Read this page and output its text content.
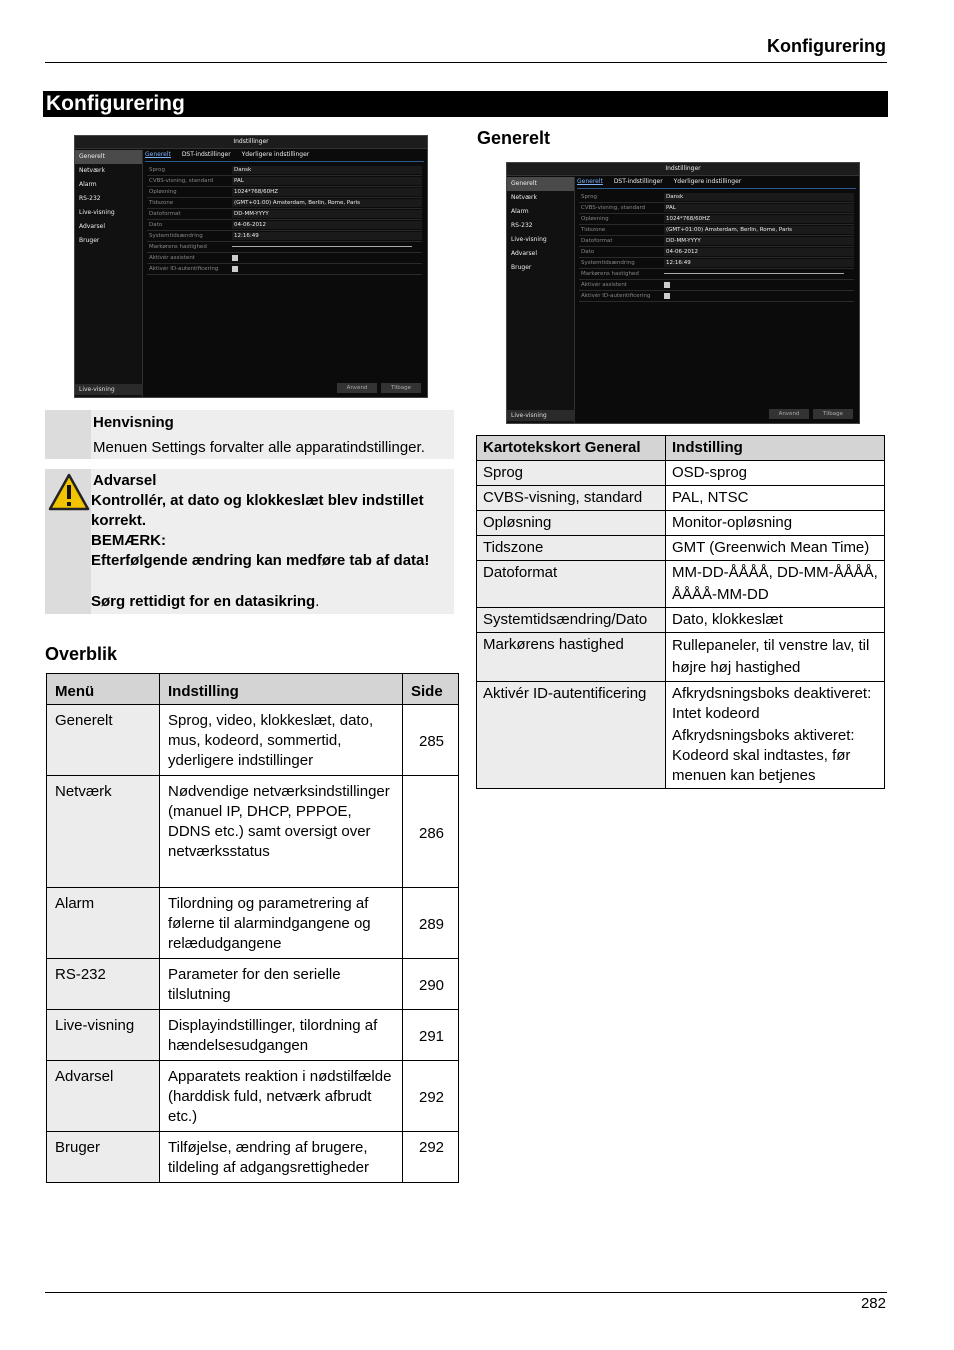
Konfigurering
Konfigurering
Indstillinger
Generelt
Netværk
Alarm
RS-232
Live-visning
Advarsel
Bruger
Live-visning
Generelt DST-indstillinger Yderligere indstillinger
Sprog	Dansk
CVBS-visning, standard	PAL
Opløsning	1024*768/60HZ
Tidszone	(GMT+01:00) Amsterdam, Berlin, Rome, Paris
Datoformat	DD-MM-YYYY
Dato	04-06-2012
Systemtidsændring	12:16:49
Markørens hastighed
Aktivér assistent
Aktivér ID-autentificering
Anvend	Tilbage
Henvisning
Menuen Settings forvalter alle apparatindstillinger.
Advarsel
Kontrollér, at dato og klokkeslæt blev indstillet korrekt.
BEMÆRK:
Efterfølgende ændring kan medføre tab af data!
Sørg rettidigt for en datasikring.
Overblik
Menü	Indstilling	Side
Generelt	Sprog, video, klokkeslæt, dato, mus, kodeord, sommertid, yderligere indstillinger	285
Netværk	Nødvendige netværksindstillinger (manuel IP, DHCP, PPPOE, DDNS etc.) samt oversigt over netværksstatus	286
Alarm	Tilordning og parametrering af følerne til alarmindgangene og relædudgangene	289
RS-232	Parameter for den serielle tilslutning	290
Live-visning	Displayindstillinger, tilordning af hændelsesudgangen	291
Advarsel	Apparatets reaktion i nødstilfælde (harddisk fuld, netværk afbrudt etc.)	292
Bruger	Tilføjelse, ændring af brugere, tildeling af adgangsrettigheder	292
Generelt
Indstillinger
Generelt
Netværk
Alarm
RS-232
Live-visning
Advarsel
Bruger
Live-visning
Generelt DST-indstillinger Yderligere indstillinger
Sprog	Dansk
CVBS-visning, standard	PAL
Opløsning	1024*768/60HZ
Tidszone	(GMT+01:00) Amsterdam, Berlin, Rome, Paris
Datoformat	DD-MM-YYYY
Dato	04-06-2012
Systemtidsændring	12:16:49
Markørens hastighed
Aktivér assistent
Aktivér ID-autentificering
Anvend	Tilbage
Kartotekskort General	Indstilling
Sprog	OSD-sprog
CVBS-visning, standard	PAL, NTSC
Opløsning	Monitor-opløsning
Tidszone	GMT (Greenwich Mean Time)
Datoformat	MM-DD-ÅÅÅÅ, DD-MM-ÅÅÅÅ,
ÅÅÅÅ-MM-DD

Systemtidsændring/Dato	Dato, klokkeslæt
Markørens hastighed	Rullepaneler, til venstre lav, til højre høj hastighed
Aktivér ID-autentificering	Afkrydsningsboks deaktiveret: Intet kodeord
Afkrydsningsboks aktiveret: Kodeord skal indtastes, før menuen kan betjenes
282
